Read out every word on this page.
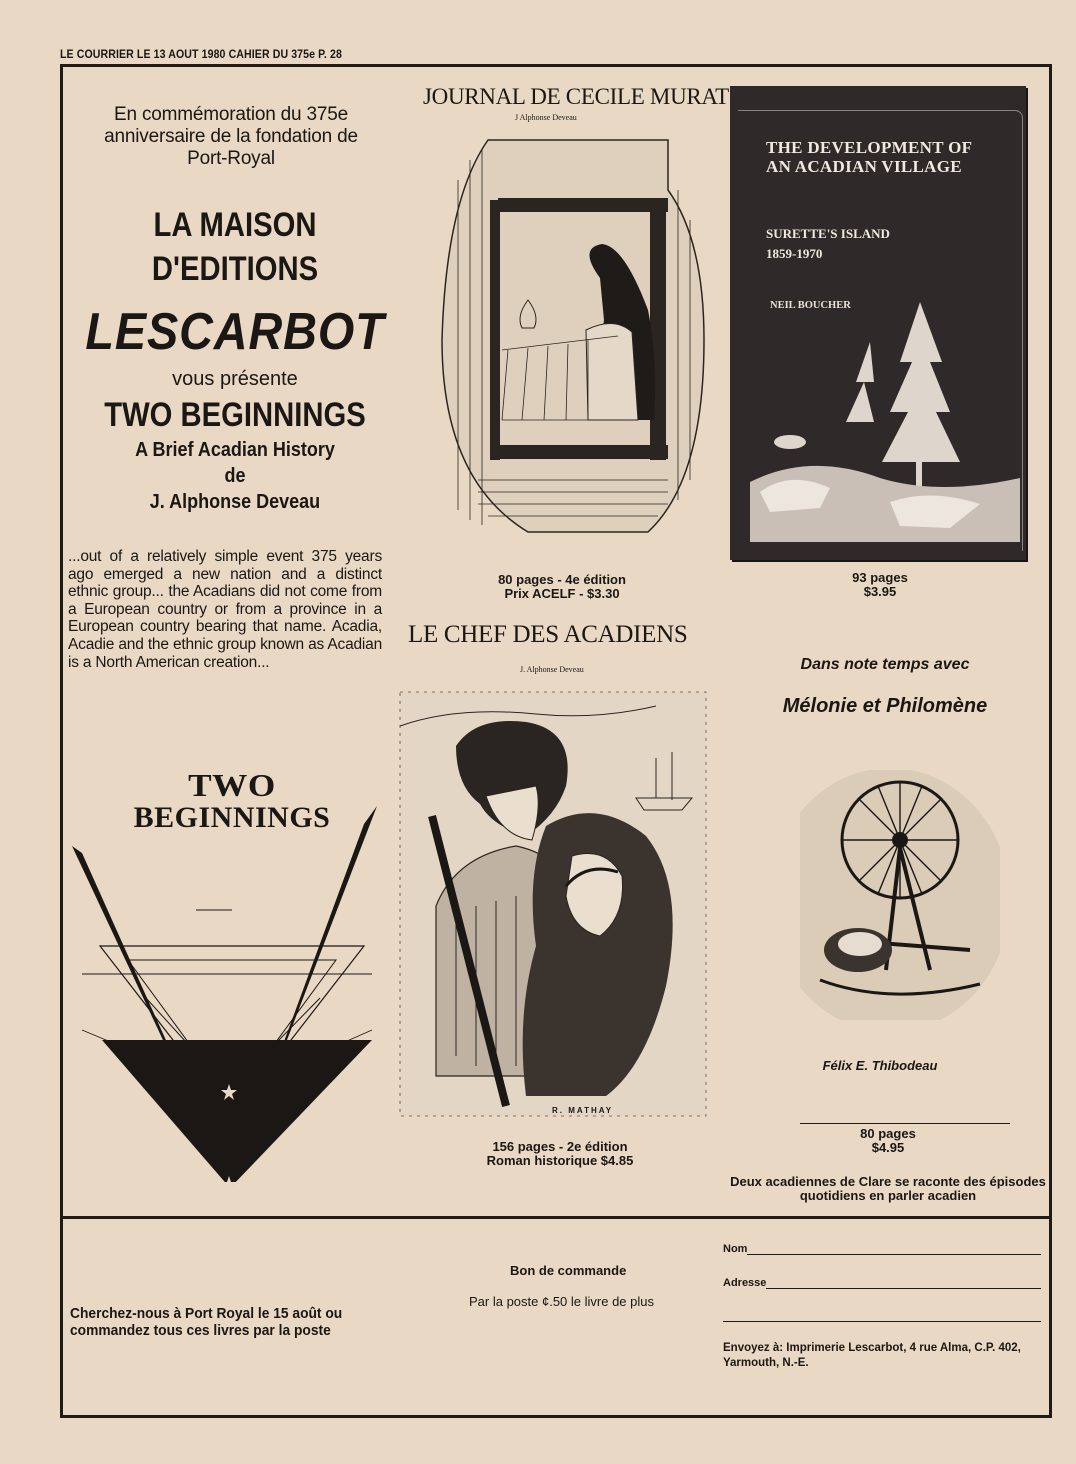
LE COURRIER LE 13 AOUT 1980 CAHIER DU 375e P. 28
En commémoration du 375e
anniversaire de la fondation de
Port-Royal
LA MAISON
D'EDITIONS
LESCARBOT
vous présente
TWO BEGINNINGS
A Brief Acadian History
de
J. Alphonse Deveau
...out of a relatively simple event 375 years ago emerged a new nation and a distinct ethnic group... the Acadians did not come from a European country or from a province in a European country bearing that name. Acadia, Acadie and the ethnic group known as Acadian is a North American creation...
TWO
BEGINNINGS
JOURNAL DE CECILE MURAT
J Alphonse Deveau
80 pages - 4e édition
Prix ACELF - $3.30
THE DEVELOPMENT OF AN ACADIAN VILLAGE
SURETTE'S ISLAND
1859-1970
NEIL BOUCHER
93 pages
$3.95
LE CHEF DES ACADIENS
J. Alphonse Deveau
R. MATHAY
156 pages - 2e édition
Roman historique $4.85
Dans note temps avec
Mélonie et Philomène
Félix E. Thibodeau
80 pages
$4.95
Deux acadiennes de Clare se raconte des épisodes
quotidiens en parler acadien
Cherchez-nous à Port Royal le 15 août ou
commandez tous ces livres par la poste
Bon de commande
Par la poste ¢.50 le livre de plus
Nom
Adresse
Envoyez à: Imprimerie Lescarbot, 4 rue Alma, C.P. 402,
Yarmouth, N.-E.
